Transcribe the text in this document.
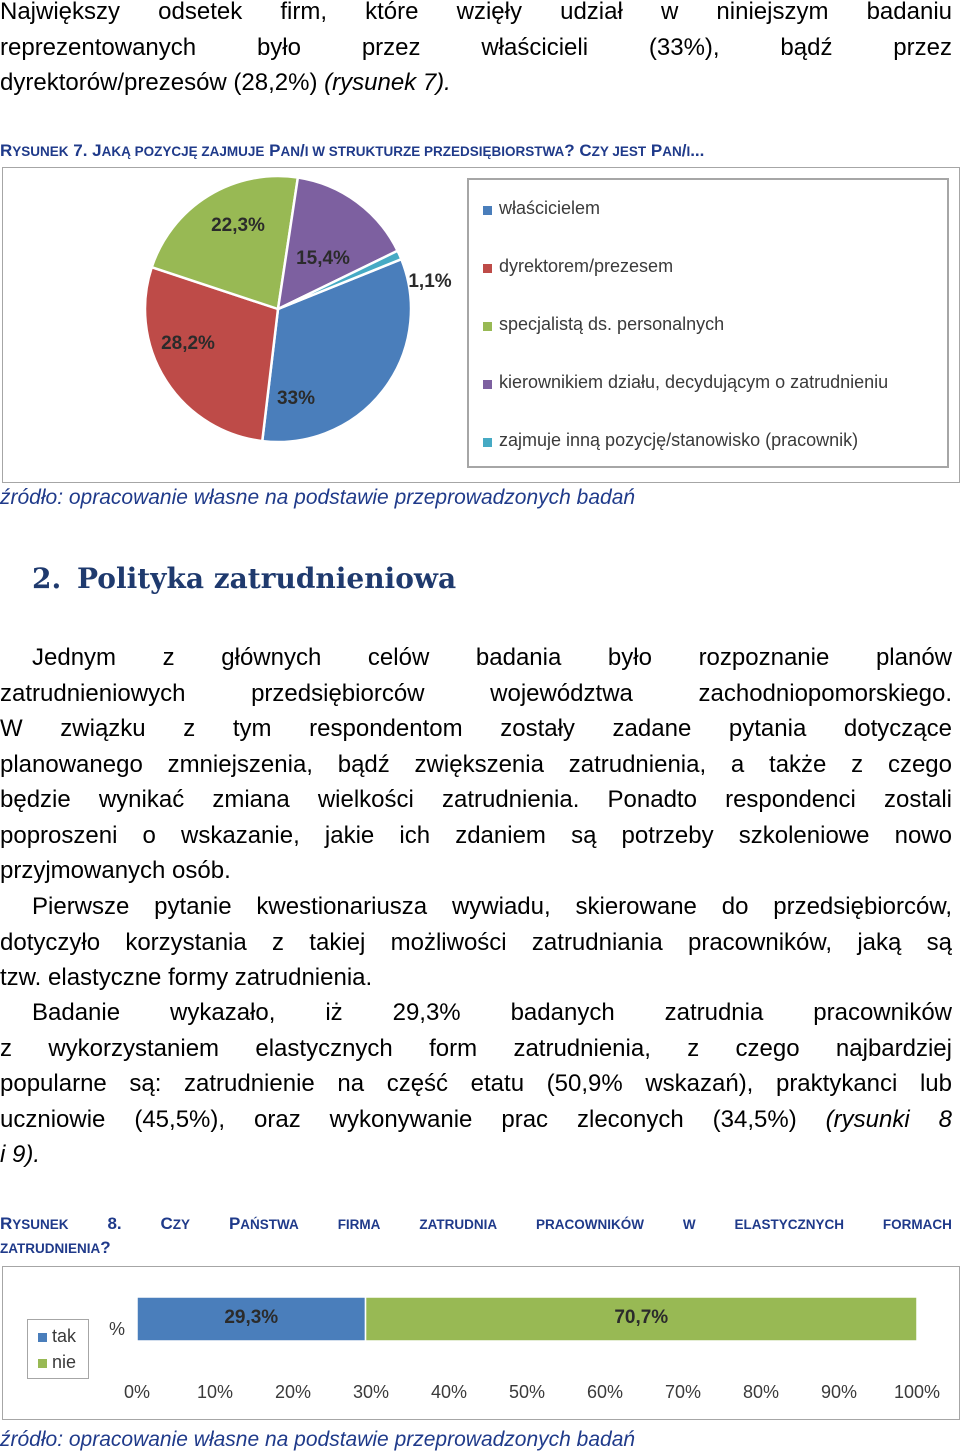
Największy odsetek firm, które wzięły udział w niniejszym badaniu
reprezentowanych było przez właścicieli (33%), bądź przez
dyrektorów/prezesów (28,2%) (rysunek 7).
RYSUNEK 7. JAKĄ POZYCJĘ ZAJMUJE PAN/I W STRUKTURZE PRZEDSIĘBIORSTWA? CZY JEST PAN/I...
33%
28,2%
22,3%
15,4%
1,1%
właścicielem
dyrektorem/prezesem
specjalistą ds. personalnych
kierownikiem działu, decydującym o zatrudnieniu
zajmuje inną pozycję/stanowisko (pracownik)
źródło: opracowanie własne na podstawie przeprowadzonych badań
2. Polityka zatrudnieniowa
Jednym z głównych celów badania było rozpoznanie planów
zatrudnieniowych przedsiębiorców województwa zachodniopomorskiego.
W związku z tym respondentom zostały zadane pytania dotyczące
planowanego zmniejszenia, bądź zwiększenia zatrudnienia, a także z czego
będzie wynikać zmiana wielkości zatrudnienia. Ponadto respondenci zostali
poproszeni o wskazanie, jakie ich zdaniem są potrzeby szkoleniowe nowo
przyjmowanych osób.
Pierwsze pytanie kwestionariusza wywiadu, skierowane do przedsiębiorców,
dotyczyło korzystania z takiej możliwości zatrudniania pracowników, jaką są
tzw. elastyczne formy zatrudnienia.
Badanie wykazało, iż 29,3% badanych zatrudnia pracowników
z wykorzystaniem elastycznych form zatrudnienia, z czego najbardziej
popularne są: zatrudnienie na część etatu (50,9% wskazań), praktykanci lub
uczniowie (45,5%), oraz wykonywanie prac zleconych (34,5%) (rysunki 8
i 9).
RYSUNEK 8. CZY PAŃSTWA	FIRMA	ZATRUDNIA	PRACOWNIKÓW	W	ELASTYCZNYCH	FORMACH
ZATRUDNIENIA?
tak
nie
%
29,3%	70,7%
0%	10% 20% 30% 40% 50% 60% 70% 80% 90% 100%
źródło: opracowanie własne na podstawie przeprowadzonych badań
